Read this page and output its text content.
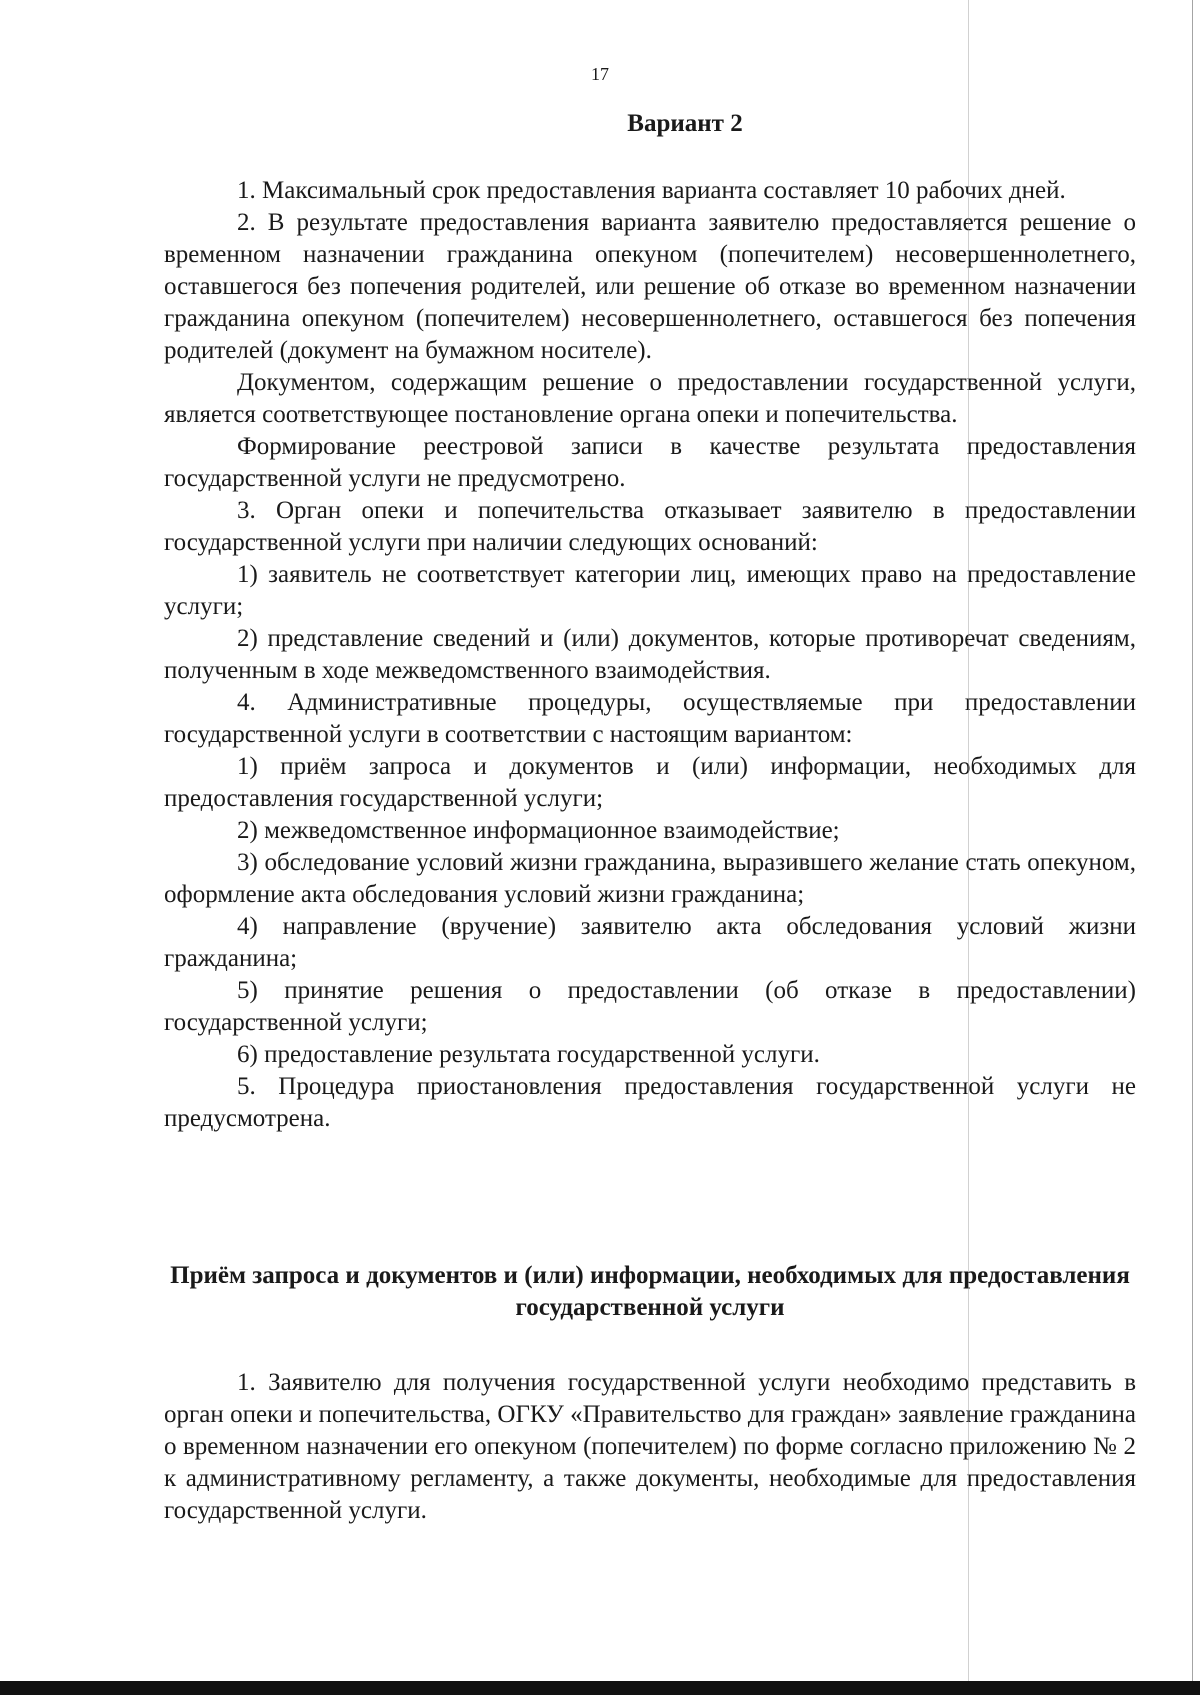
17
Вариант 2

1. Максимальный срок предоставления варианта составляет 10 рабочих дней.

2. В результате предоставления варианта заявителю предоставляется решение о временном назначении гражданина опекуном (попечителем) несовершеннолетнего, оставшегося без попечения родителей, или решение об отказе во временном назначении гражданина опекуном (попечителем) несовершеннолетнего, оставшегося без попечения родителей (документ на бумажном носителе).

Документом, содержащим решение о предоставлении государственной услуги, является соответствующее постановление органа опеки и попечительства.

Формирование реестровой записи в качестве результата предоставления государственной услуги не предусмотрено.

3. Орган опеки и попечительства отказывает заявителю в предоставлении государственной услуги при наличии следующих оснований:

1) заявитель не соответствует категории лиц, имеющих право на предоставление услуги;

2) представление сведений и (или) документов, которые противоречат сведениям, полученным в ходе межведомственного взаимодействия.

4. Административные процедуры, осуществляемые при предоставлении государственной услуги в соответствии с настоящим вариантом:

1) приём запроса и документов и (или) информации, необходимых для предоставления государственной услуги;

2) межведомственное информационное взаимодействие;

3) обследование условий жизни гражданина, выразившего желание стать опекуном, оформление акта обследования условий жизни гражданина;

4) направление (вручение) заявителю акта обследования условий жизни гражданина;

5) принятие решения о предоставлении (об отказе в предоставлении) государственной услуги;

6) предоставление результата государственной услуги.

5. Процедура приостановления предоставления государственной услуги не предусмотрена.

Приём запроса и документов и (или) информации, необходимых для предоставления государственной услуги

1. Заявителю для получения государственной услуги необходимо представить в орган опеки и попечительства, ОГКУ «Правительство для граждан» заявление гражданина о временном назначении его опекуном (попечителем) по форме согласно приложению № 2 к административному регламенту, а также документы, необходимые для предоставления государственной услуги.
